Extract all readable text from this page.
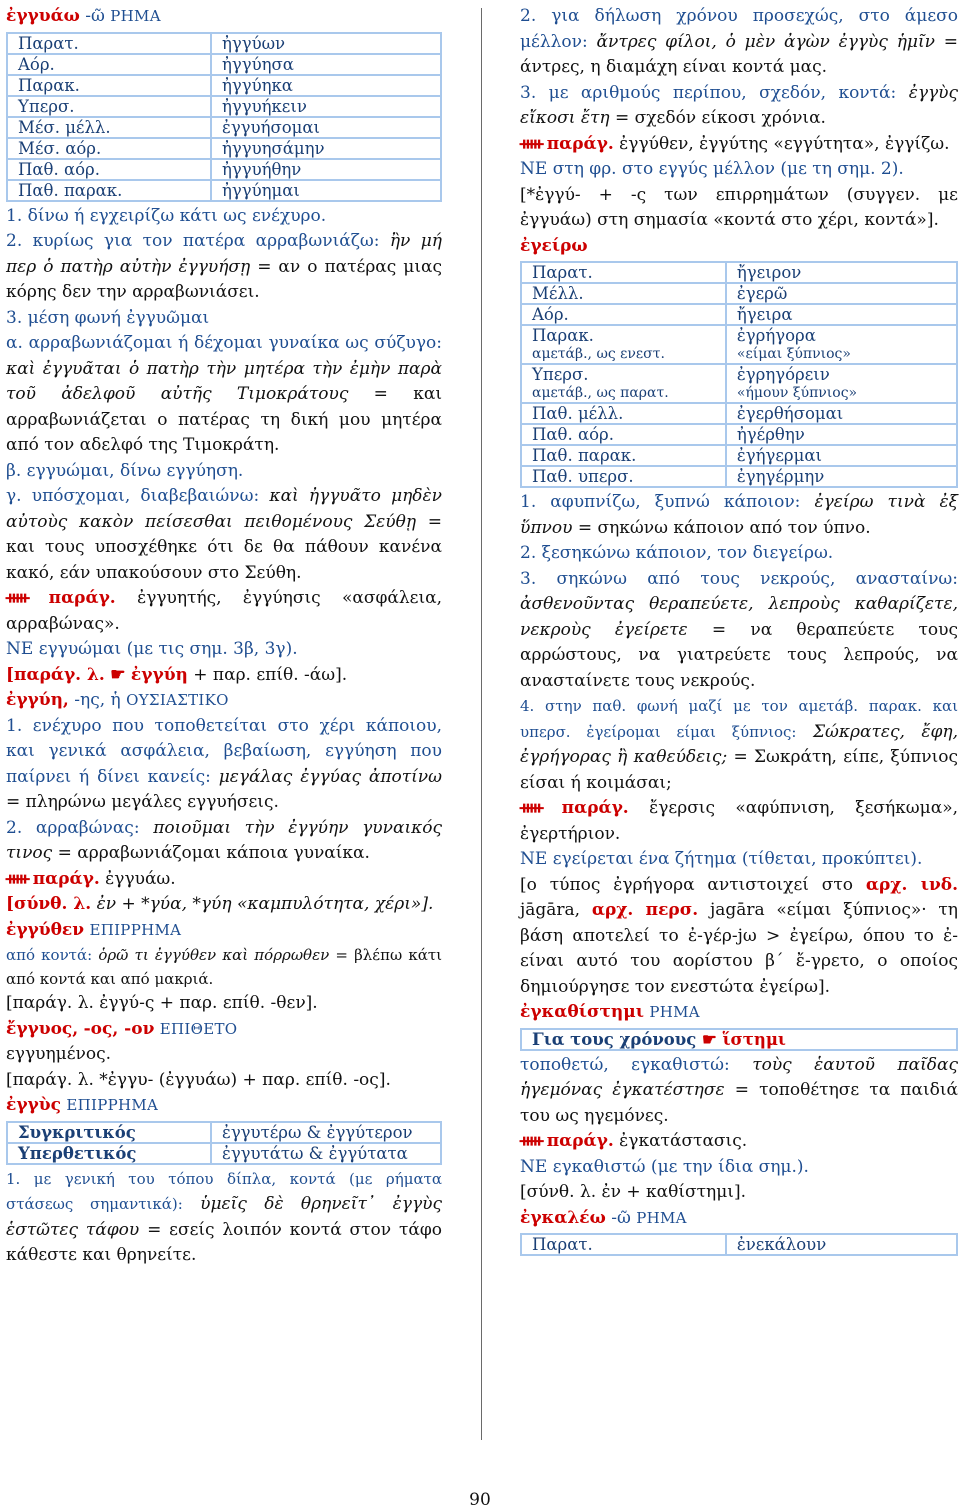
ἐγγυάω -ῶ ΡΗΜΑ

Παρατ.	ἠγγύων
Αόρ.	ἠγγύησα
Παρακ.	ἠγγύηκα
Υπερσ.	ἠγγυήκειν
Μέσ. μέλλ.	ἐγγυήσομαι
Μέσ. αόρ.	ἠγγυησάμην
Παθ. αόρ.	ἠγγυήθην
Παθ. παρακ.	ἠγγύημαι

1. δίνω ή εγχειρίζω κάτι ως ενέχυρο.

2. κυρίως για τον πατέρα αρραβωνιάζω: ἢν μή περ ὁ πατὴρ αὐτὴν ἐγγυήσῃ = αν ο πατέρας μιας κόρης δεν την αρραβωνιάσει.

3. μέση φωνή ἐγγυῶμαι

α. αρραβωνιάζομαι ή δέχομαι γυναίκα ως σύζυγο: καὶ ἐγγυᾶται ὁ πατὴρ τὴν μητέρα τὴν ἐμὴν παρὰ τοῦ ἀδελφοῦ αὐτῆς Τιμοκράτους = και αρραβωνιάζεται ο πατέρας τη δική μου μητέρα από τον αδελφό της Τιμοκράτη.

β. εγγυώμαι, δίνω εγγύηση.

γ. υπόσχομαι, διαβεβαιώνω: καὶ ἠγγυᾶτο μηδὲν αὐτοὺς κακὸν πείσεσθαι πειθομένους Σεύθῃ = και τους υποσχέθηκε ότι δε θα πάθουν κανένα κακό, εάν υπακούσουν στο Σεύθη.

ᚔ παράγ. ἐγγυητής, ἐγγύησις «ασφάλεια, αρραβώνας».

ΝΕ εγγυώμαι (με τις σημ. 3β, 3γ).

[παράγ. λ. ☛ ἐγγύη + παρ. επίθ. -άω].

ἐγγύη, -ης, ἡ ΟΥΣΙΑΣΤΙΚΟ

1. ενέχυρο που τοποθετείται στο χέρι κάποιου, και γενικά ασφάλεια, βεβαίωση, εγγύηση που παίρνει ή δίνει κανείς: μεγάλας ἐγγύας ἀποτίνω = πληρώνω μεγάλες εγγυήσεις.

2. αρραβώνας: ποιοῦμαι τὴν ἐγγύην γυναικός τινος = αρραβωνιάζομαι κάποια γυναίκα.

ᚔ παράγ. ἐγγυάω.

[σύνθ. λ. ἐν + *γύα, *γύη «καμπυλότητα, χέρι»].

ἐγγύθεν ΕΠΙΡΡΗΜΑ

από κοντά: ὁρῶ τι ἐγγύθεν καὶ πόρρωθεν = βλέπω κάτι από κοντά και από μακριά.

[παράγ. λ. ἐγγύ-ς + παρ. επίθ. -θεν].

ἔγγυος, -ος, -ον ΕΠΙΘΕΤΟ

εγγυημένος.

[παράγ. λ. *ἐγγυ- (ἐγγυάω) + παρ. επίθ. -ος].

ἐγγὺς ΕΠΙΡΡΗΜΑ

Συγκριτικός	ἐγγυτέρω & ἐγγύτερον
Υπερθετικός	ἐγγυτάτω & ἐγγύτατα

1. με γενική του τόπου δίπλα, κοντά (με ρήματα στάσεως σημαντικά): ὑμεῖς δὲ θρηνεῖτ᾽ ἐγγὺς ἑστῶτες τάφου = εσείς λοιπόν κοντά στον τάφο κάθεστε και θρηνείτε.

2. για δήλωση χρόνου προσεχώς, στο άμεσο μέλλον: ἄντρες φίλοι, ὁ μὲν ἀγὼν ἐγγὺς ἡμῖν = άντρες, η διαμάχη είναι κοντά μας.

3. με αριθμούς περίπου, σχεδόν, κοντά: ἐγγὺς εἴκοσι ἔτη = σχεδόν είκοσι χρόνια.

ᚔ παράγ. ἐγγύθεν, ἐγγύτης «εγγύτητα», ἐγγίζω.

ΝΕ στη φρ. στο εγγύς μέλλον (με τη σημ. 2).

[*ἐγγύ- + -ς των επιρρημάτων (συγγεν. με ἐγγυάω) στη σημασία «κοντά στο χέρι, κοντά»].

ἐγείρω

Παρατ.	ἤγειρον
Μέλλ.	ἐγερῶ
Αόρ.	ἤγειρα
Παρακ.
αμετάβ., ως ενεστ.	ἐγρήγορα
«είμαι ξύπνιος»

Υπερσ.
αμετάβ., ως παρατ.	ἐγρηγόρειν
«ήμουν ξύπνιος»

Παθ. μέλλ.	ἐγερθήσομαι
Παθ. αόρ.	ἠγέρθην
Παθ. παρακ.	ἐγήγερμαι
Παθ. υπερσ.	ἐγηγέρμην

1. αφυπνίζω, ξυπνώ κάποιον: ἐγείρω τινὰ ἐξ ὕπνου = σηκώνω κάποιον από τον ύπνο.

2. ξεσηκώνω κάποιον, τον διεγείρω.

3. σηκώνω από τους νεκρούς, ανασταίνω: ἀσθενοῦντας θεραπεύετε, λεπροὺς καθαρίζετε, νεκροὺς ἐγείρετε = να θεραπεύετε τους αρρώστους, να γιατρεύετε τους λεπρούς, να ανασταίνετε τους νεκρούς.

4. στην παθ. φωνή μαζί με τον αμετάβ. παρακ. και υπερσ. ἐγείρομαι είμαι ξύπνιος: Σώκρατες, ἔφη, ἐγρήγορας ἢ καθεύδεις; = Σωκράτη, είπε, ξύπνιος είσαι ή κοιμάσαι;

ᚔ παράγ. ἔγερσις «αφύπνιση, ξεσήκωμα», ἐγερτήριον.

ΝΕ εγείρεται ένα ζήτημα (τίθεται, προκύπτει).

[ο τύπος ἐγρήγορα αντιστοιχεί στο αρχ. ινδ. jāgāra, αρχ. περσ. jagāra «είμαι ξύπνιος»· τη βάση αποτελεί το ἐ-γέρ-jω > ἐγείρω, όπου το ἐ- είναι αυτό του αορίστου β´ ἔ-γρετο, ο οποίος δημιούργησε τον ενεστώτα ἐγείρω].

ἐγκαθίστημι ΡΗΜΑ

Για τους χρόνους ☛ ἵστημι

τοποθετώ, εγκαθιστώ: τοὺς ἑαυτοῦ παῖδας ἡγεμόνας ἐγκατέστησε = τοποθέτησε τα παιδιά του ως ηγεμόνες.

ᚔ παράγ. ἐγκατάστασις.

ΝΕ εγκαθιστώ (με την ίδια σημ.).

[σύνθ. λ. ἐν + καθίστημι].

ἐγκαλέω -ῶ ΡΗΜΑ

Παρατ.	ἐνεκάλουν
90
